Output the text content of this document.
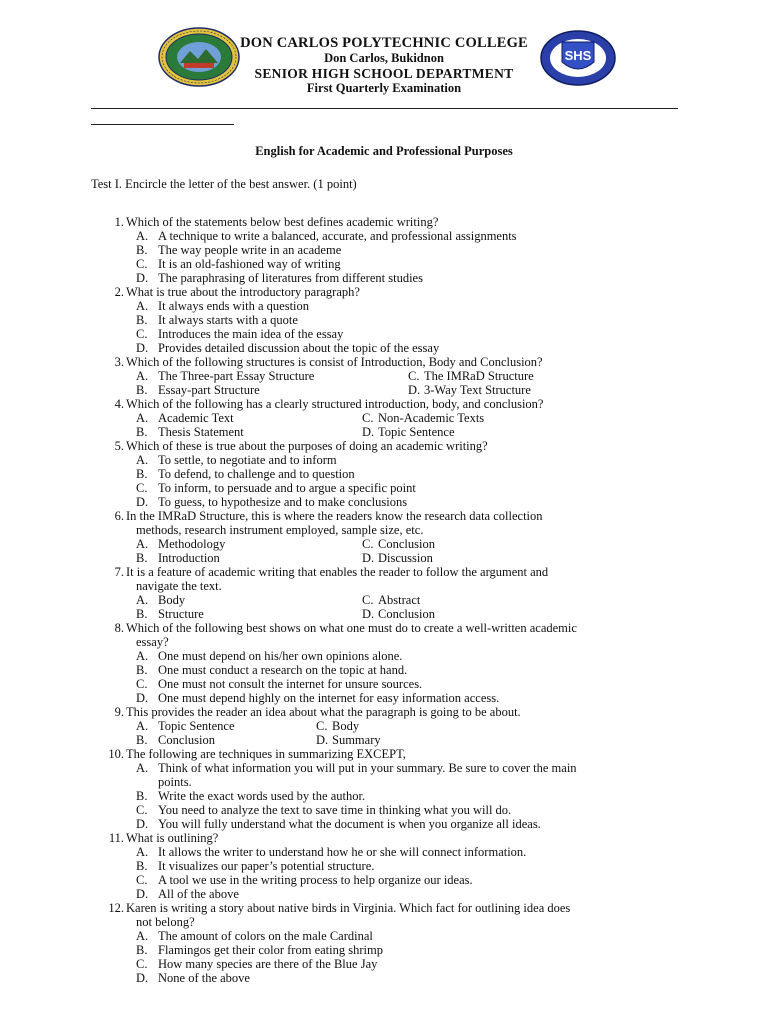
SHS
DON CARLOS POLYTECHNIC COLLEGE
Don Carlos, Bukidnon
SENIOR HIGH SCHOOL DEPARTMENT
First Quarterly Examination
English for Academic and Professional Purposes
Test I. Encircle the letter of the best answer. (1 point)
1. Which of the statements below best defines academic writing?
A. A technique to write a balanced, accurate, and professional assignments
B. The way people write in an academe
C. It is an old-fashioned way of writing
D. The paraphrasing of literatures from different studies
2. What is true about the introductory paragraph?
A. It always ends with a question
B. It always starts with a quote
C. Introduces the main idea of the essay
D. Provides detailed discussion about the topic of the essay
3. Which of the following structures is consist of Introduction, Body and Conclusion?
A. The Three-part Essay Structure	C. The IMRaD Structure
B. Essay-part Structure	D. 3-Way Text Structure
4. Which of the following has a clearly structured introduction, body, and conclusion?
A. Academic Text	C. Non-Academic Texts
B. Thesis Statement	D. Topic Sentence
5. Which of these is true about the purposes of doing an academic writing?
A. To settle, to negotiate and to inform
B. To defend, to challenge and to question
C. To inform, to persuade and to argue a specific point
D. To guess, to hypothesize and to make conclusions
6. In the IMRaD Structure, this is where the readers know the research data collection
methods, research instrument employed, sample size, etc.
A. Methodology	C. Conclusion
B. Introduction	D. Discussion
7. It is a feature of academic writing that enables the reader to follow the argument and
navigate the text.
A. Body	C. Abstract
B. Structure	D. Conclusion
8. Which of the following best shows on what one must do to create a well-written academic
essay?
A. One must depend on his/her own opinions alone.
B. One must conduct a research on the topic at hand.
C. One must not consult the internet for unsure sources.
D. One must depend highly on the internet for easy information access.
9. This provides the reader an idea about what the paragraph is going to be about.
A. Topic Sentence	C. Body
B. Conclusion	D. Summary
10. The following are techniques in summarizing EXCEPT,
A. Think of what information you will put in your summary. Be sure to cover the main
points.
B. Write the exact words used by the author.
C. You need to analyze the text to save time in thinking what you will do.
D. You will fully understand what the document is when you organize all ideas.
11. What is outlining?
A. It allows the writer to understand how he or she will connect information.
B. It visualizes our paper’s potential structure.
C. A tool we use in the writing process to help organize our ideas.
D. All of the above
12. Karen is writing a story about native birds in Virginia. Which fact for outlining idea does
not belong?
A. The amount of colors on the male Cardinal
B. Flamingos get their color from eating shrimp
C. How many species are there of the Blue Jay
D. None of the above
